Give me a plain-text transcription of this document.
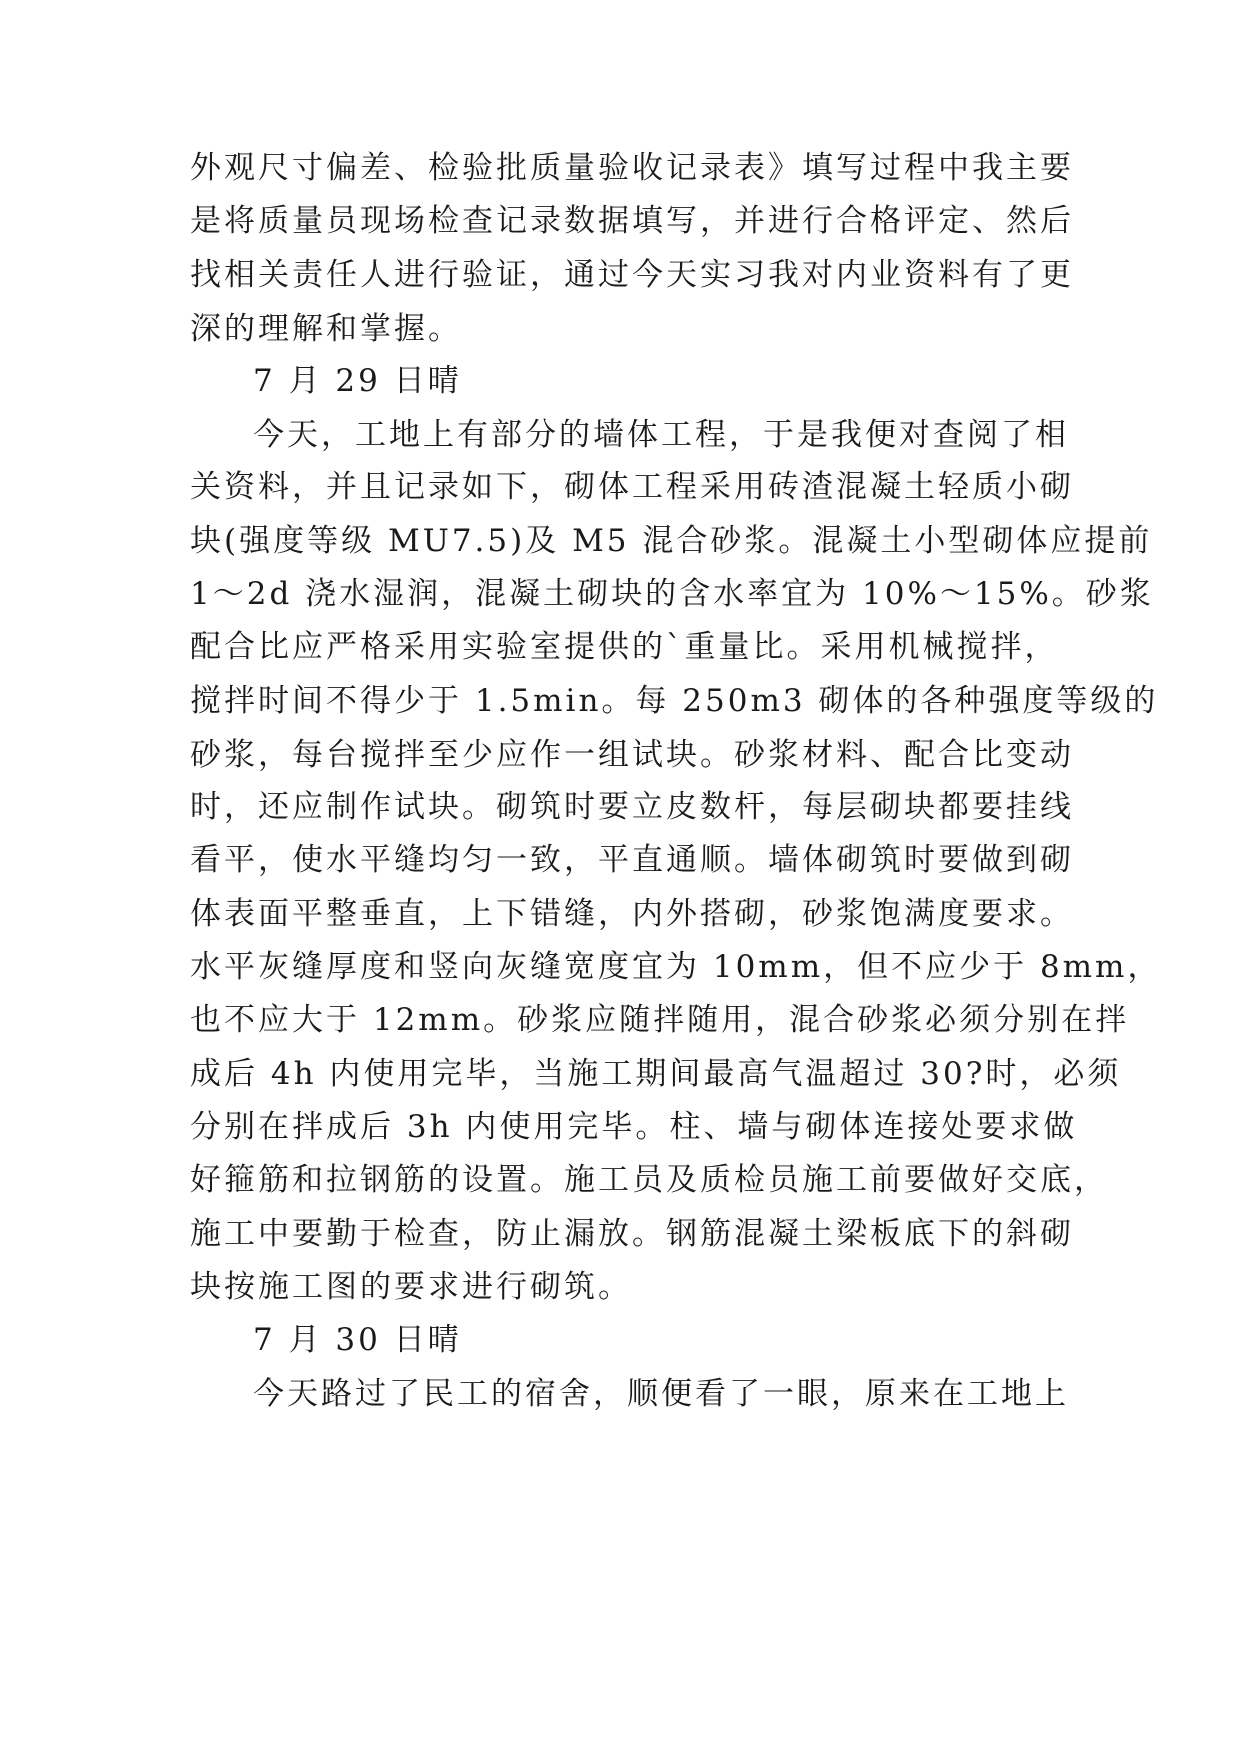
外观尺寸偏差、检验批质量验收记录表》填写过程中我主要
是将质量员现场检查记录数据填写，并进行合格评定、然后
找相关责任人进行验证，通过今天实习我对内业资料有了更
深的理解和掌握。
7 月 29 日晴
今天，工地上有部分的墙体工程，于是我便对查阅了相
关资料，并且记录如下，砌体工程采用砖渣混凝土轻质小砌
块(强度等级 MU7.5)及 M5 混合砂浆。混凝土小型砌体应提前
1～2d 浇水湿润，混凝土砌块的含水率宜为 10%～15%。砂浆
配合比应严格采用实验室提供的`重量比。采用机械搅拌，
搅拌时间不得少于 1.5min。每 250m3 砌体的各种强度等级的
砂浆，每台搅拌至少应作一组试块。砂浆材料、配合比变动
时，还应制作试块。砌筑时要立皮数杆，每层砌块都要挂线
看平，使水平缝均匀一致，平直通顺。墙体砌筑时要做到砌
体表面平整垂直，上下错缝，内外搭砌，砂浆饱满度要求。
水平灰缝厚度和竖向灰缝宽度宜为 10mm，但不应少于 8mm，
也不应大于 12mm。砂浆应随拌随用，混合砂浆必须分别在拌
成后 4h 内使用完毕，当施工期间最高气温超过 30?时，必须
分别在拌成后 3h 内使用完毕。柱、墙与砌体连接处要求做
好箍筋和拉钢筋的设置。施工员及质检员施工前要做好交底，
施工中要勤于检查，防止漏放。钢筋混凝土梁板底下的斜砌
块按施工图的要求进行砌筑。
7 月 30 日晴
今天路过了民工的宿舍，顺便看了一眼，原来在工地上
